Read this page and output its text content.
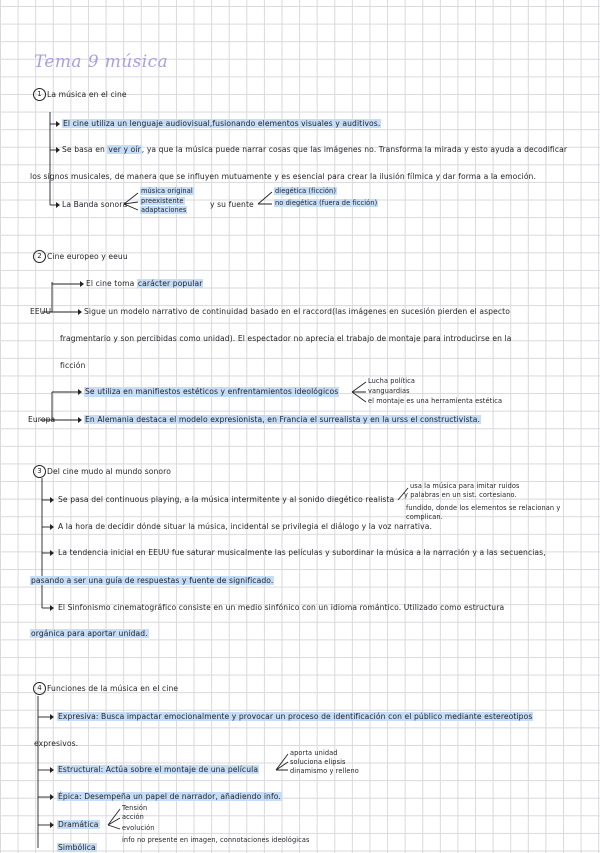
Tema 9 música
1 La música en el cine
El cine utiliza un lenguaje audiovisual,fusionando elementos visuales y auditivos.
Se basa en ver y oír, ya que la música puede narrar cosas que las imágenes no. Transforma la mirada y esto ayuda a decodificar
los signos musicales, de manera que se influyen mutuamente y es esencial para crear la ilusión fílmica y dar forma a la emoción.
La Banda sonora
música original
preexistente
adaptaciones
y su fuente
diegética (ficción)
no diegética (fuera de ficción)
2 Cine europeo y eeuu
El cine toma carácter popular
EEUU	Sigue un modelo narrativo de continuidad basado en el raccord(las imágenes en sucesión pierden el aspecto
fragmentario y son percibidas como unidad). El espectador no aprecia el trabajo de montaje para introducirse en la
ficción
Se utiliza en manifiestos estéticos y enfrentamientos ideológicos
Lucha política
vanguardias
el montaje es una herramienta estética
Europa	En Alemania destaca el modelo expresionista, en Francia el surrealista y en la urss el constructivista.
3 Del cine mudo al mundo sonoro
Se pasa del continuous playing, a la música intermitente y al sonido diegético realista
usa la música para imitar ruidos
y palabras en un sist. cortesiano.
fundido, donde los elementos se relacionan y
complican.
A la hora de decidir dónde situar la música, incidental se privilegia el diálogo y la voz narrativa.
La tendencia inicial en EEUU fue saturar musicalmente las películas y subordinar la música a la narración y a las secuencias,
pasando a ser una guía de respuestas y fuente de significado.
El Sinfonismo cinematográfico consiste en un medio sinfónico con un idioma romántico. Utilizado como estructura
orgánica para aportar unidad.
4 Funciones de la música en el cine
Expresiva: Busca impactar emocionalmente y provocar un proceso de identificación con el público mediante estereotipos
expresivos.
Estructural: Actúa sobre el montaje de una película
aporta unidad
soluciona elipsis
dinamismo y relleno
Épica: Desempeña un papel de narrador, añadiendo info.
Dramática
Tensión
acción
evolución
info no presente en imagen, connotaciones ideológicas
Simbólica
